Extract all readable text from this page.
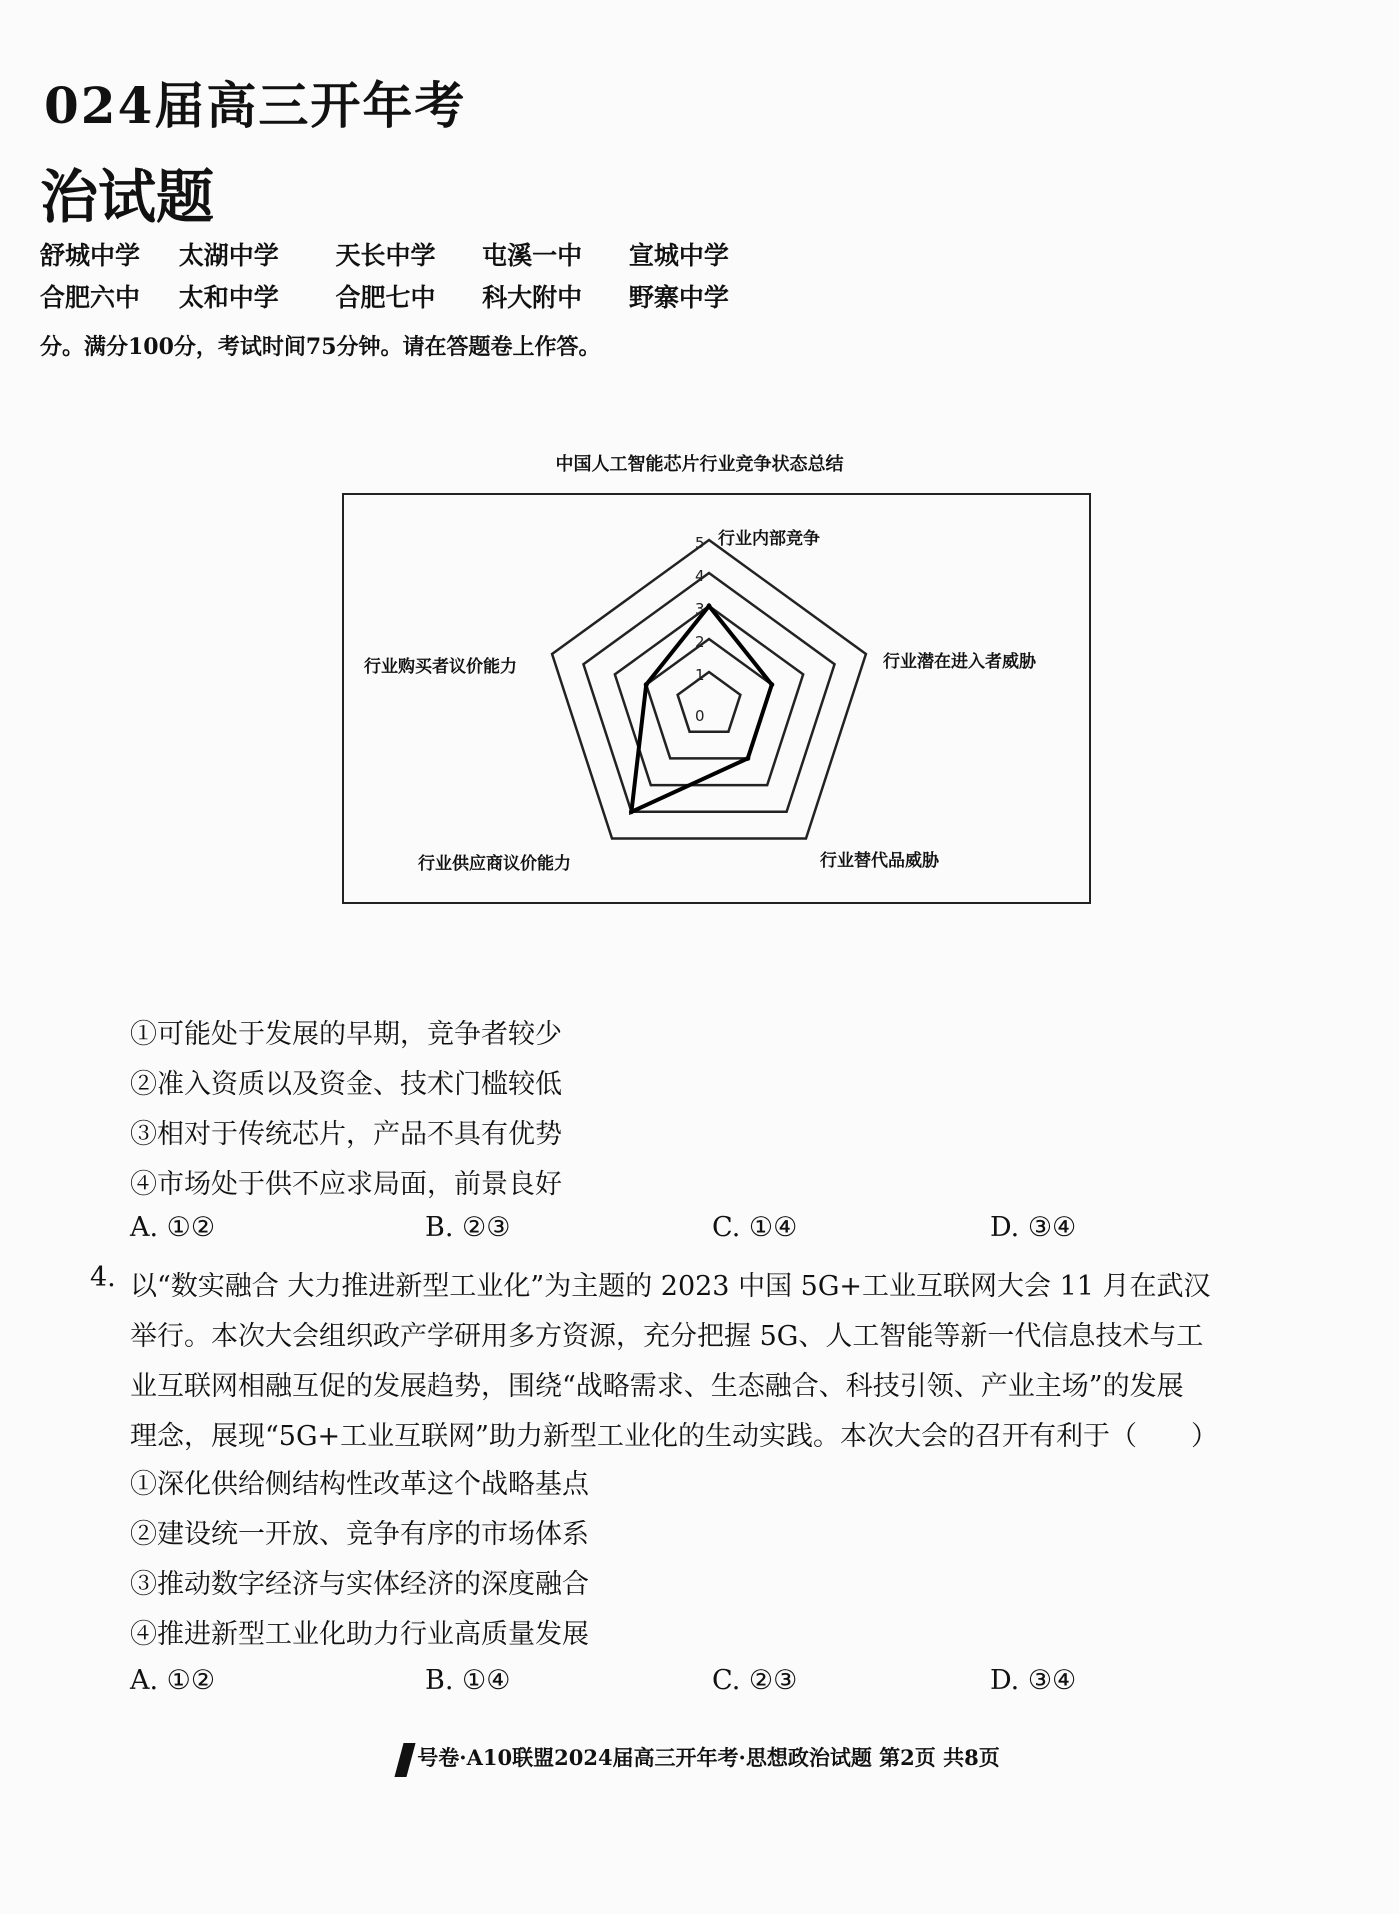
024届高三开年考
治试题
舒城中学 太湖中学 天长中学 屯溪一中 宣城中学
合肥六中 太和中学 合肥七中 科大附中 野寨中学
分。满分100分，考试时间75分钟。请在答题卷上作答。
中国人工智能芯片行业竞争状态总结
0
1
2
3
4
5 行业内部竞争
行业潜在进入者威胁
行业替代品威胁
行业供应商议价能力
行业购买者议价能力
①可能处于发展的早期，竞争者较少
②准入资质以及资金、技术门槛较低
③相对于传统芯片，产品不具有优势
④市场处于供不应求局面，前景良好
A. ①②	B. ②③	C. ①④	D. ③④
4. 以“数实融合 大力推进新型工业化”为主题的 2023 中国 5G+工业互联网大会 11 月在武汉
举行。本次大会组织政产学研用多方资源，充分把握 5G、人工智能等新一代信息技术与工
业互联网相融互促的发展趋势，围绕“战略需求、生态融合、科技引领、产业主场”的发展
理念，展现“5G+工业互联网”助力新型工业化的生动实践。本次大会的召开有利于（　　）
①深化供给侧结构性改革这个战略基点
②建设统一开放、竞争有序的市场体系
③推动数字经济与实体经济的深度融合
④推进新型工业化助力行业高质量发展
A. ①②	B. ①④	C. ②③	D. ③④
号卷·A10联盟2024届高三开年考·思想政治试题 第2页 共8页
